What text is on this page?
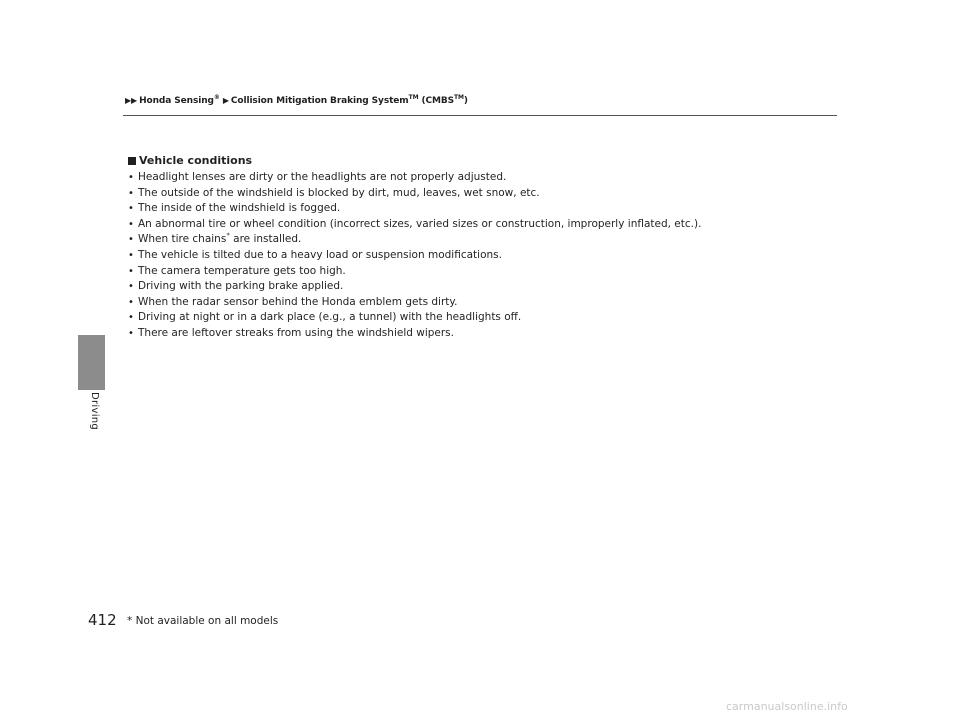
▶▶ Honda Sensing® ▶ Collision Mitigation Braking System™ (CMBS™)
Driving
Vehicle conditions
• Headlight lenses are dirty or the headlights are not properly adjusted.
• The outside of the windshield is blocked by dirt, mud, leaves, wet snow, etc.
• The inside of the windshield is fogged.
• An abnormal tire or wheel condition (incorrect sizes, varied sizes or construction, improperly inflated, etc.).
• When tire chains* are installed.
• The vehicle is tilted due to a heavy load or suspension modifications.
• The camera temperature gets too high.
• Driving with the parking brake applied.
• When the radar sensor behind the Honda emblem gets dirty.
• Driving at night or in a dark place (e.g., a tunnel) with the headlights off.
• There are leftover streaks from using the windshield wipers.
412 * Not available on all models
carmanualsonline.info
